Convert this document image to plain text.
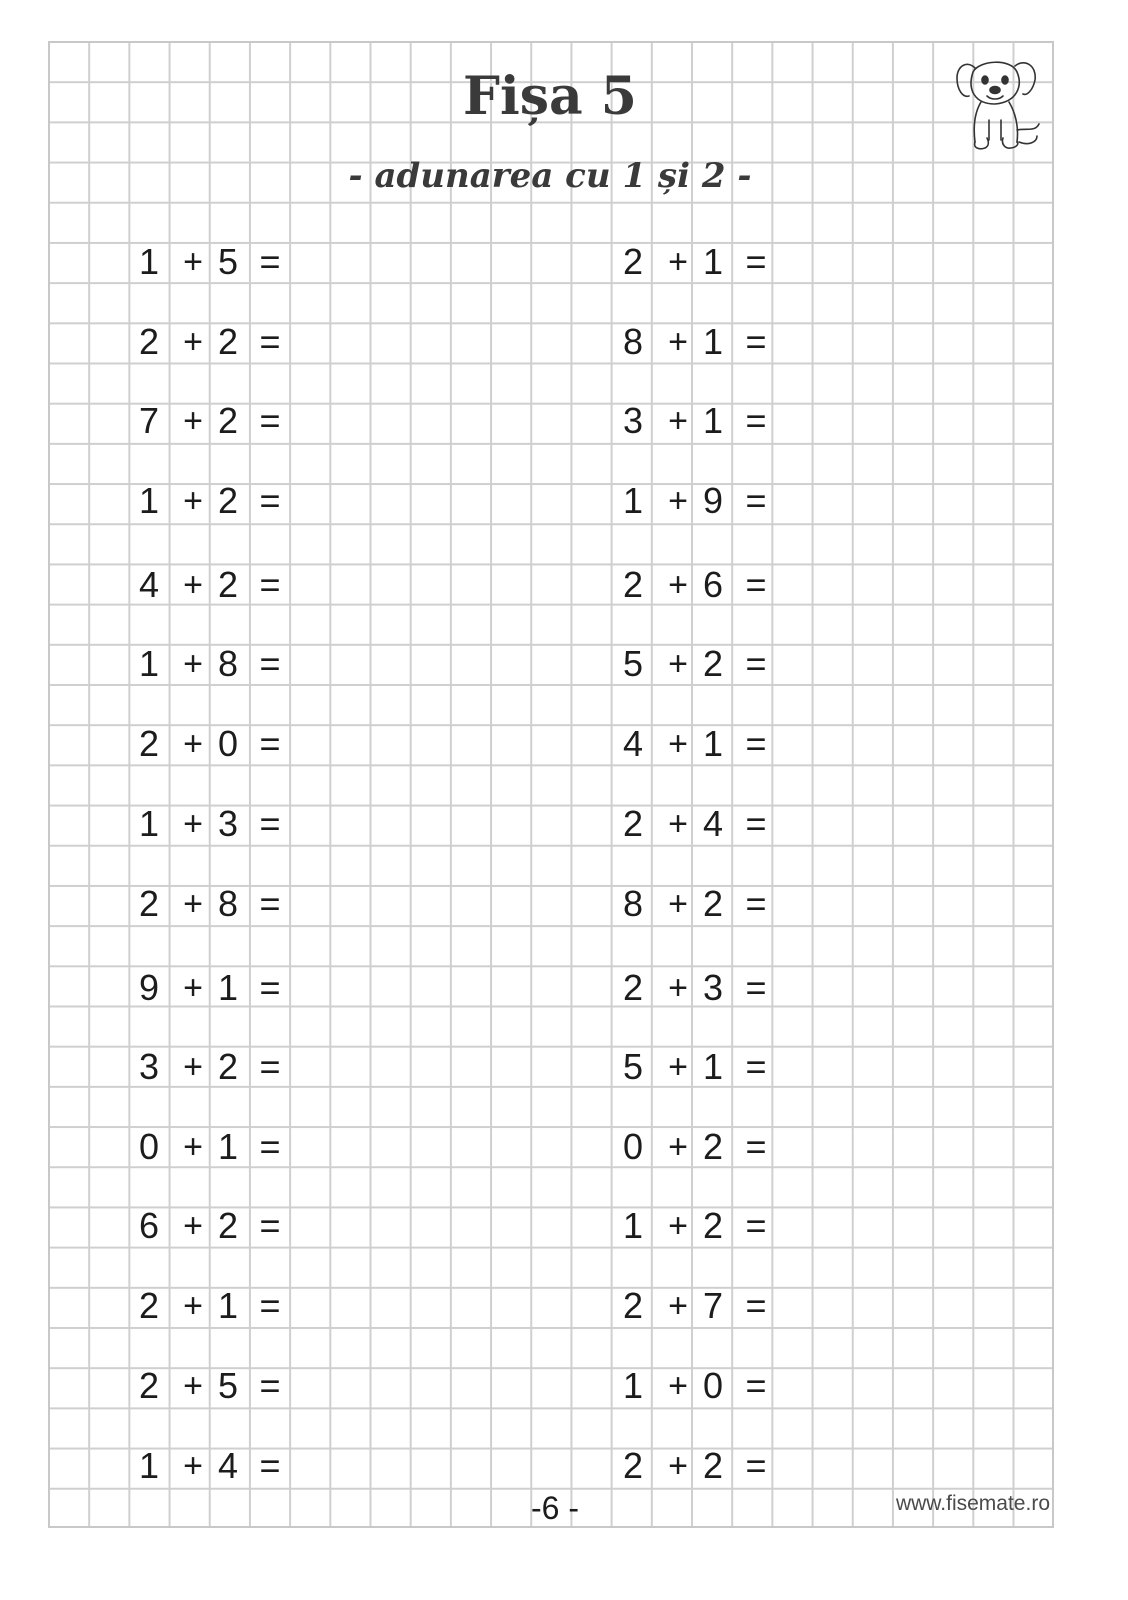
Fișa 5
- adunarea cu 1 și 2 -
1 + 5 =
2 + 2 =
7 + 2 =
1 + 2 =
4 + 2 =
1 + 8 =
2 + 0 =
1 + 3 =
2 + 8 =
9 + 1 =
3 + 2 =
0 + 1 =
6 + 2 =
2 + 1 =
2 + 5 =
1 + 4 =
2 + 1 =
8 + 1 =
3 + 1 =
1 + 9 =
2 + 6 =
5 + 2 =
4 + 1 =
2 + 4 =
8 + 2 =
2 + 3 =
5 + 1 =
0 + 2 =
1 + 2 =
2 + 7 =
1 + 0 =
2 + 2 =
-6 -	www.fisemate.ro
